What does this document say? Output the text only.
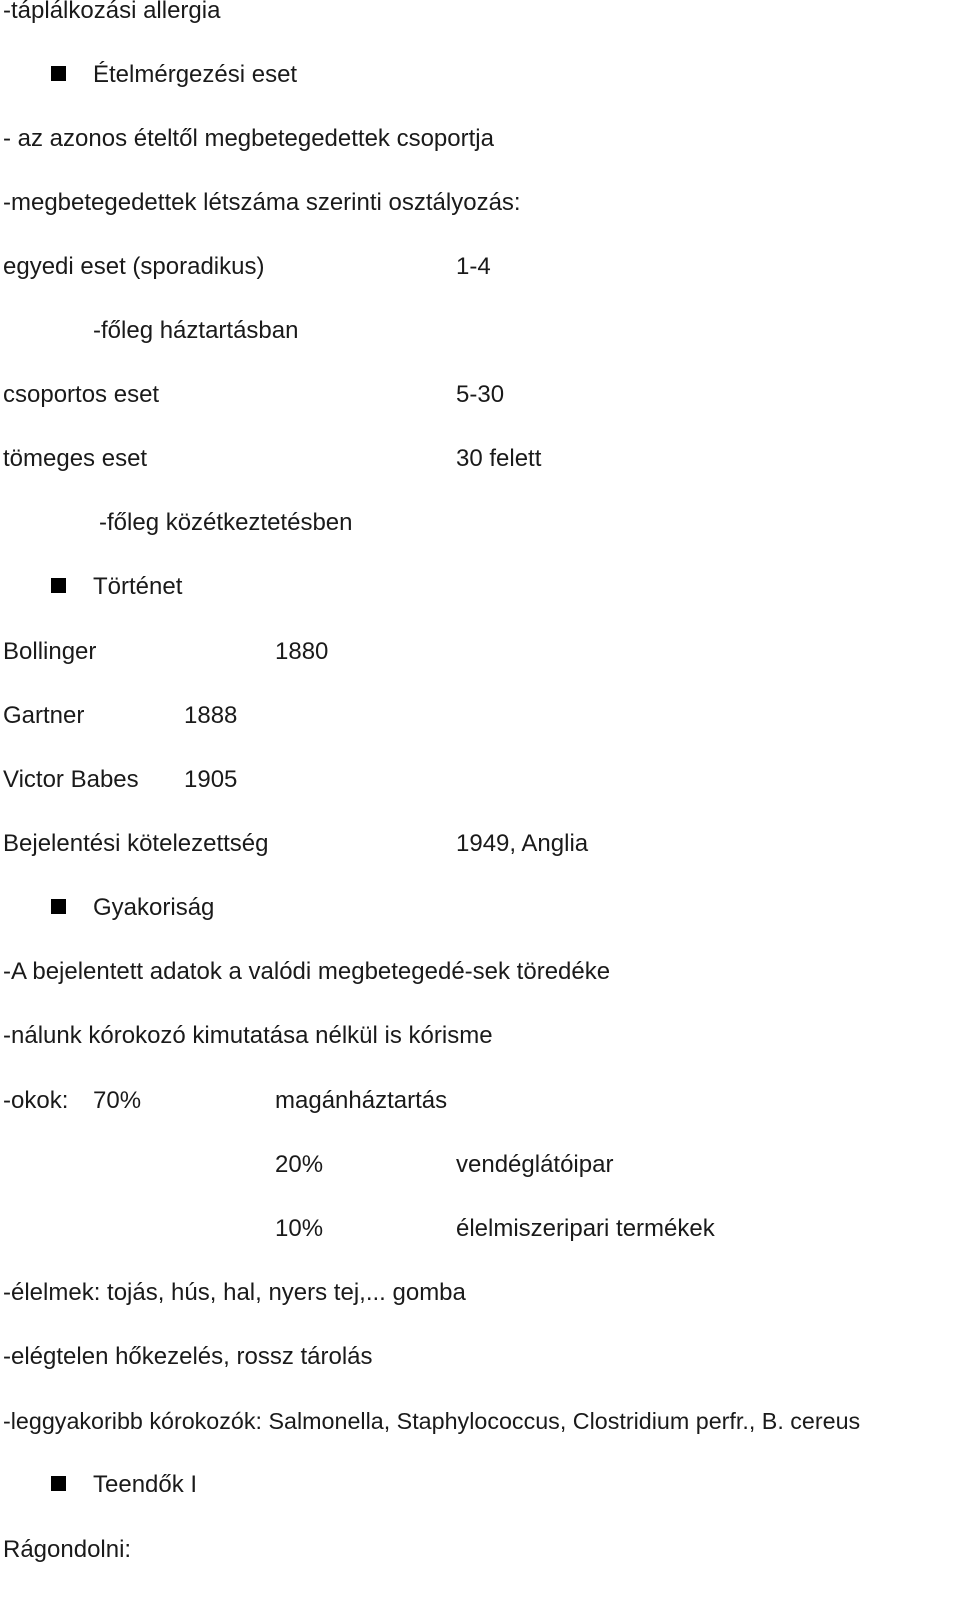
-táplálkozási allergia
Ételmérgezési eset
- az azonos ételtől megbetegedettek csoportja
-megbetegedettek létszáma szerinti osztályozás:
egyedi eset (sporadikus)	1-4
-főleg háztartásban
csoportos eset	5-30
tömeges eset	30 felett
-főleg közétkeztetésben
Történet
Bollinger	1880
Gartner	1888
Victor Babes 1905
Bejelentési kötelezettség	1949, Anglia
Gyakoriság
-A bejelentett adatok a valódi megbetegedé-sek töredéke
-nálunk kórokozó kimutatása nélkül is kórisme
-okok: 70%	magánháztartás
20%	vendéglátóipar
10%	élelmiszeripari termékek
-élelmek: tojás, hús, hal, nyers tej,... gomba
-elégtelen hőkezelés, rossz tárolás
-leggyakoribb kórokozók: Salmonella, Staphylococcus, Clostridium perfr., B. cereus
Teendők I
Rágondolni:
